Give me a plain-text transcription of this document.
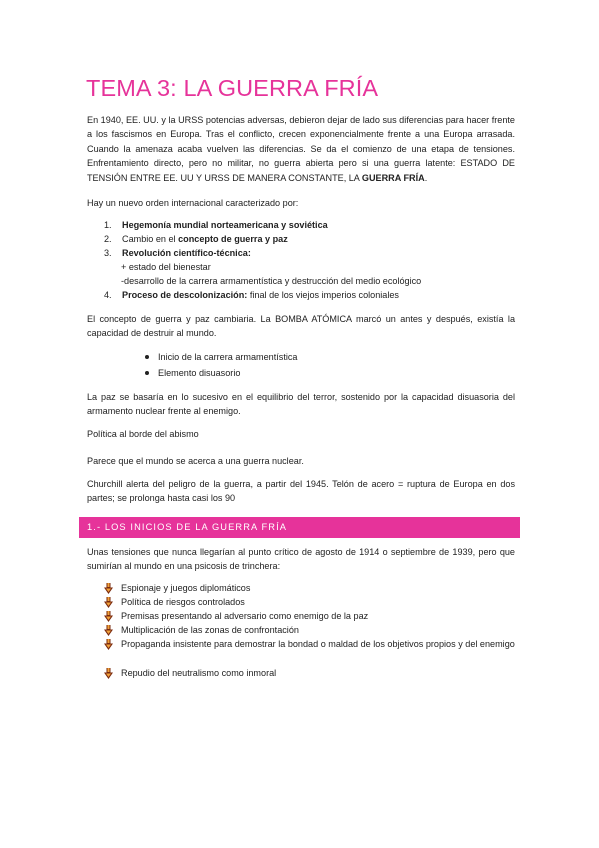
TEMA 3: LA GUERRA FRÍA

En 1940, EE. UU. y la URSS potencias adversas, debieron dejar de lado sus diferencias para hacer frente a los fascismos en Europa. Tras el conflicto, crecen exponencialmente frente a una Europa arrasada. Cuando la amenaza acaba vuelven las diferencias. Se da el comienzo de una etapa de tensiones. Enfrentamiento directo, pero no militar, no guerra abierta pero si una guerra latente: ESTADO DE TENSIÓN ENTRE EE. UU Y URSS DE MANERA CONSTANTE, LA GUERRA FRÍA.

Hay un nuevo orden internacional caracterizado por:
1.	Hegemonía mundial norteamericana y soviética
2.	Cambio en el concepto de guerra y paz
3.	Revolución científico-técnica:
+ estado del bienestar
-desarrollo de la carrera armamentística y destrucción del medio ecológico
4.	Proceso de descolonización: final de los viejos imperios coloniales

El concepto de guerra y paz cambiaria. La BOMBA ATÓMICA marcó un antes y después, existía la capacidad de destruir al mundo.

Inicio de la carrera armamentística
Elemento disuasorio

La paz se basaría en lo sucesivo en el equilibrio del terror, sostenido por la capacidad disuasoria del armamento nuclear frente al enemigo.

Política al borde del abismo
Parece que el mundo se acerca a una guerra nuclear.

Churchill alerta del peligro de la guerra, a partir del 1945. Telón de acero = ruptura de Europa en dos partes; se prolonga hasta casi los 90

1.- LOS INICIOS DE LA GUERRA FRÍA

Unas tensiones que nunca llegarían al punto crítico de agosto de 1914 o septiembre de 1939, pero que sumirían al mundo en una psicosis de trinchera:

Espionaje y juegos diplomáticos
Política de riesgos controlados
Premisas presentando al adversario como enemigo de la paz
Multiplicación de las zonas de confrontación
Propaganda insistente para demostrar la bondad o maldad de los objetivos propios y del enemigo
Repudio del neutralismo como inmoral
